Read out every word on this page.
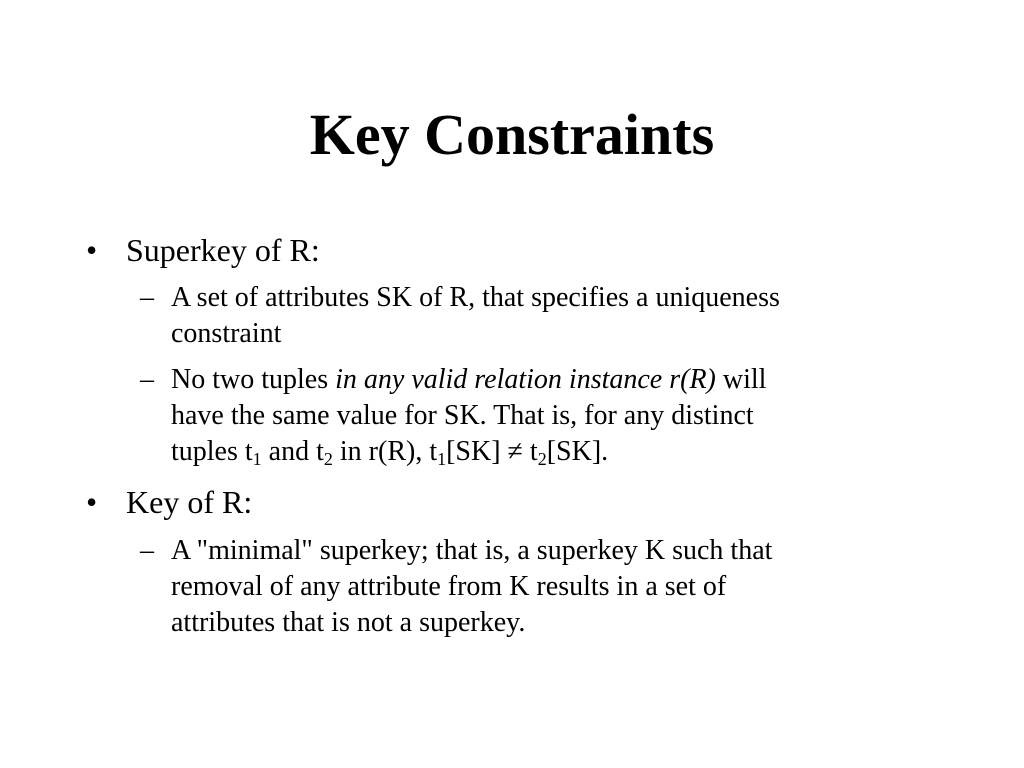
Key Constraints
• Superkey of R:
– A set of attributes SK of R, that specifies a uniqueness
constraint
– No two tuples in any valid relation instance r(R) will
have the same value for SK. That is, for any distinct
tuples $t_1$ and $t_2$ in r(R), $t_1[SK] \ne t_2[SK]$.
• Key of R:
– A "minimal" superkey; that is, a superkey K such that
removal of any attribute from K results in a set of
attributes that is not a superkey.
